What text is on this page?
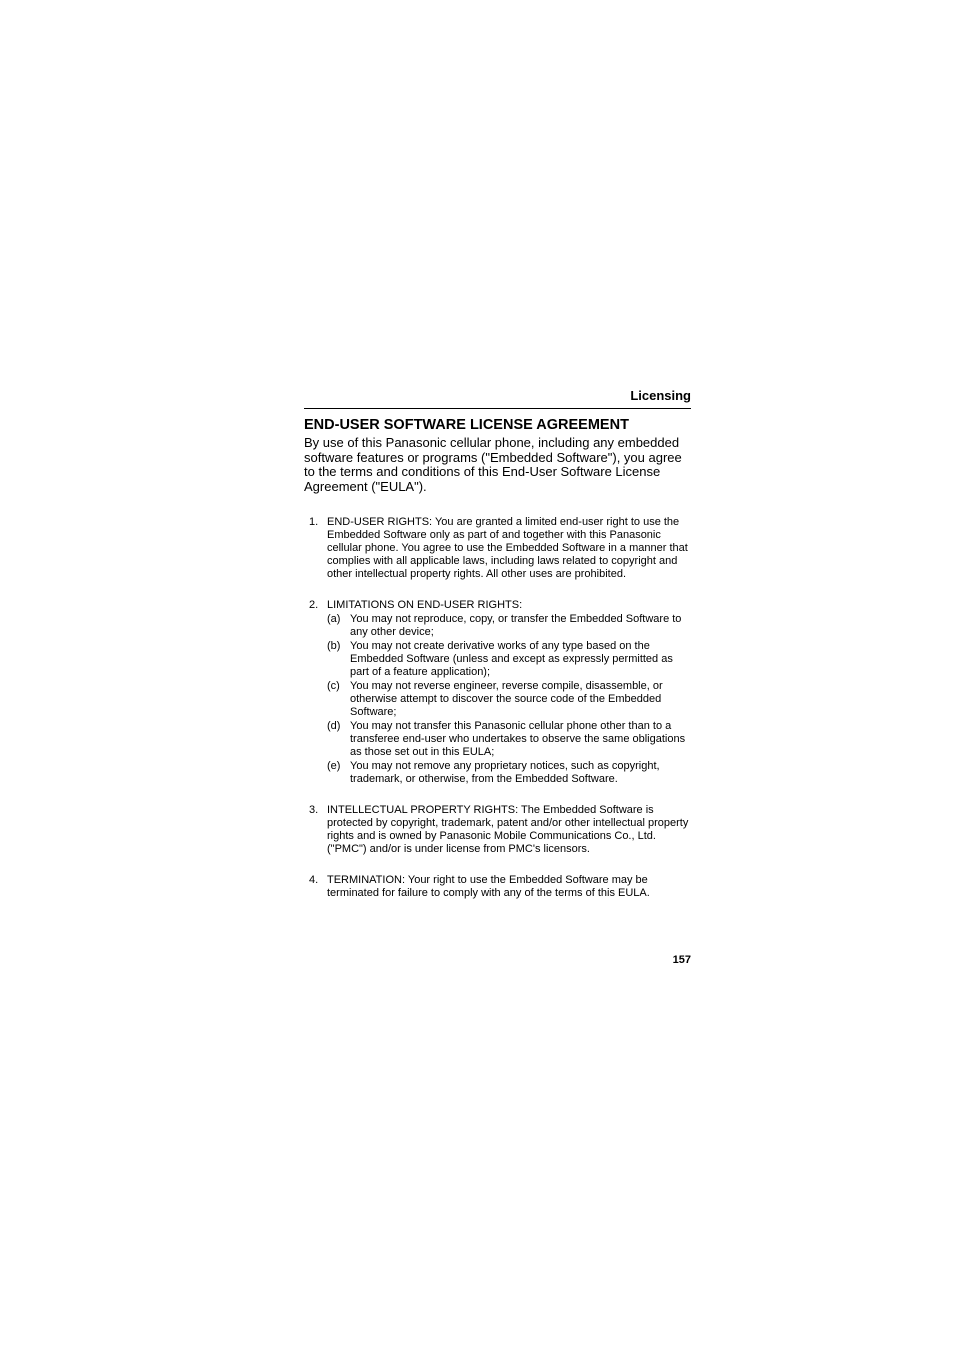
Licensing
END-USER SOFTWARE LICENSE AGREEMENT
By use of this Panasonic cellular phone, including any embedded software features or programs ("Embedded Software"), you agree to the terms and conditions of this End-User Software License Agreement ("EULA").
1. END-USER RIGHTS: You are granted a limited end-user right to use the Embedded Software only as part of and together with this Panasonic cellular phone. You agree to use the Embedded Software in a manner that complies with all applicable laws, including laws related to copyright and other intellectual property rights. All other uses are prohibited.
2. LIMITATIONS ON END-USER RIGHTS:
(a) You may not reproduce, copy, or transfer the Embedded Software to any other device;
(b) You may not create derivative works of any type based on the Embedded Software (unless and except as expressly permitted as part of a feature application);
(c) You may not reverse engineer, reverse compile, disassemble, or otherwise attempt to discover the source code of the Embedded Software;
(d) You may not transfer this Panasonic cellular phone other than to a transferee end-user who undertakes to observe the same obligations as those set out in this EULA;
(e) You may not remove any proprietary notices, such as copyright, trademark, or otherwise, from the Embedded Software.
3. INTELLECTUAL PROPERTY RIGHTS: The Embedded Software is protected by copyright, trademark, patent and/or other intellectual property rights and is owned by Panasonic Mobile Communications Co., Ltd. ("PMC") and/or is under license from PMC's licensors.
4. TERMINATION: Your right to use the Embedded Software may be terminated for failure to comply with any of the terms of this EULA.
157
